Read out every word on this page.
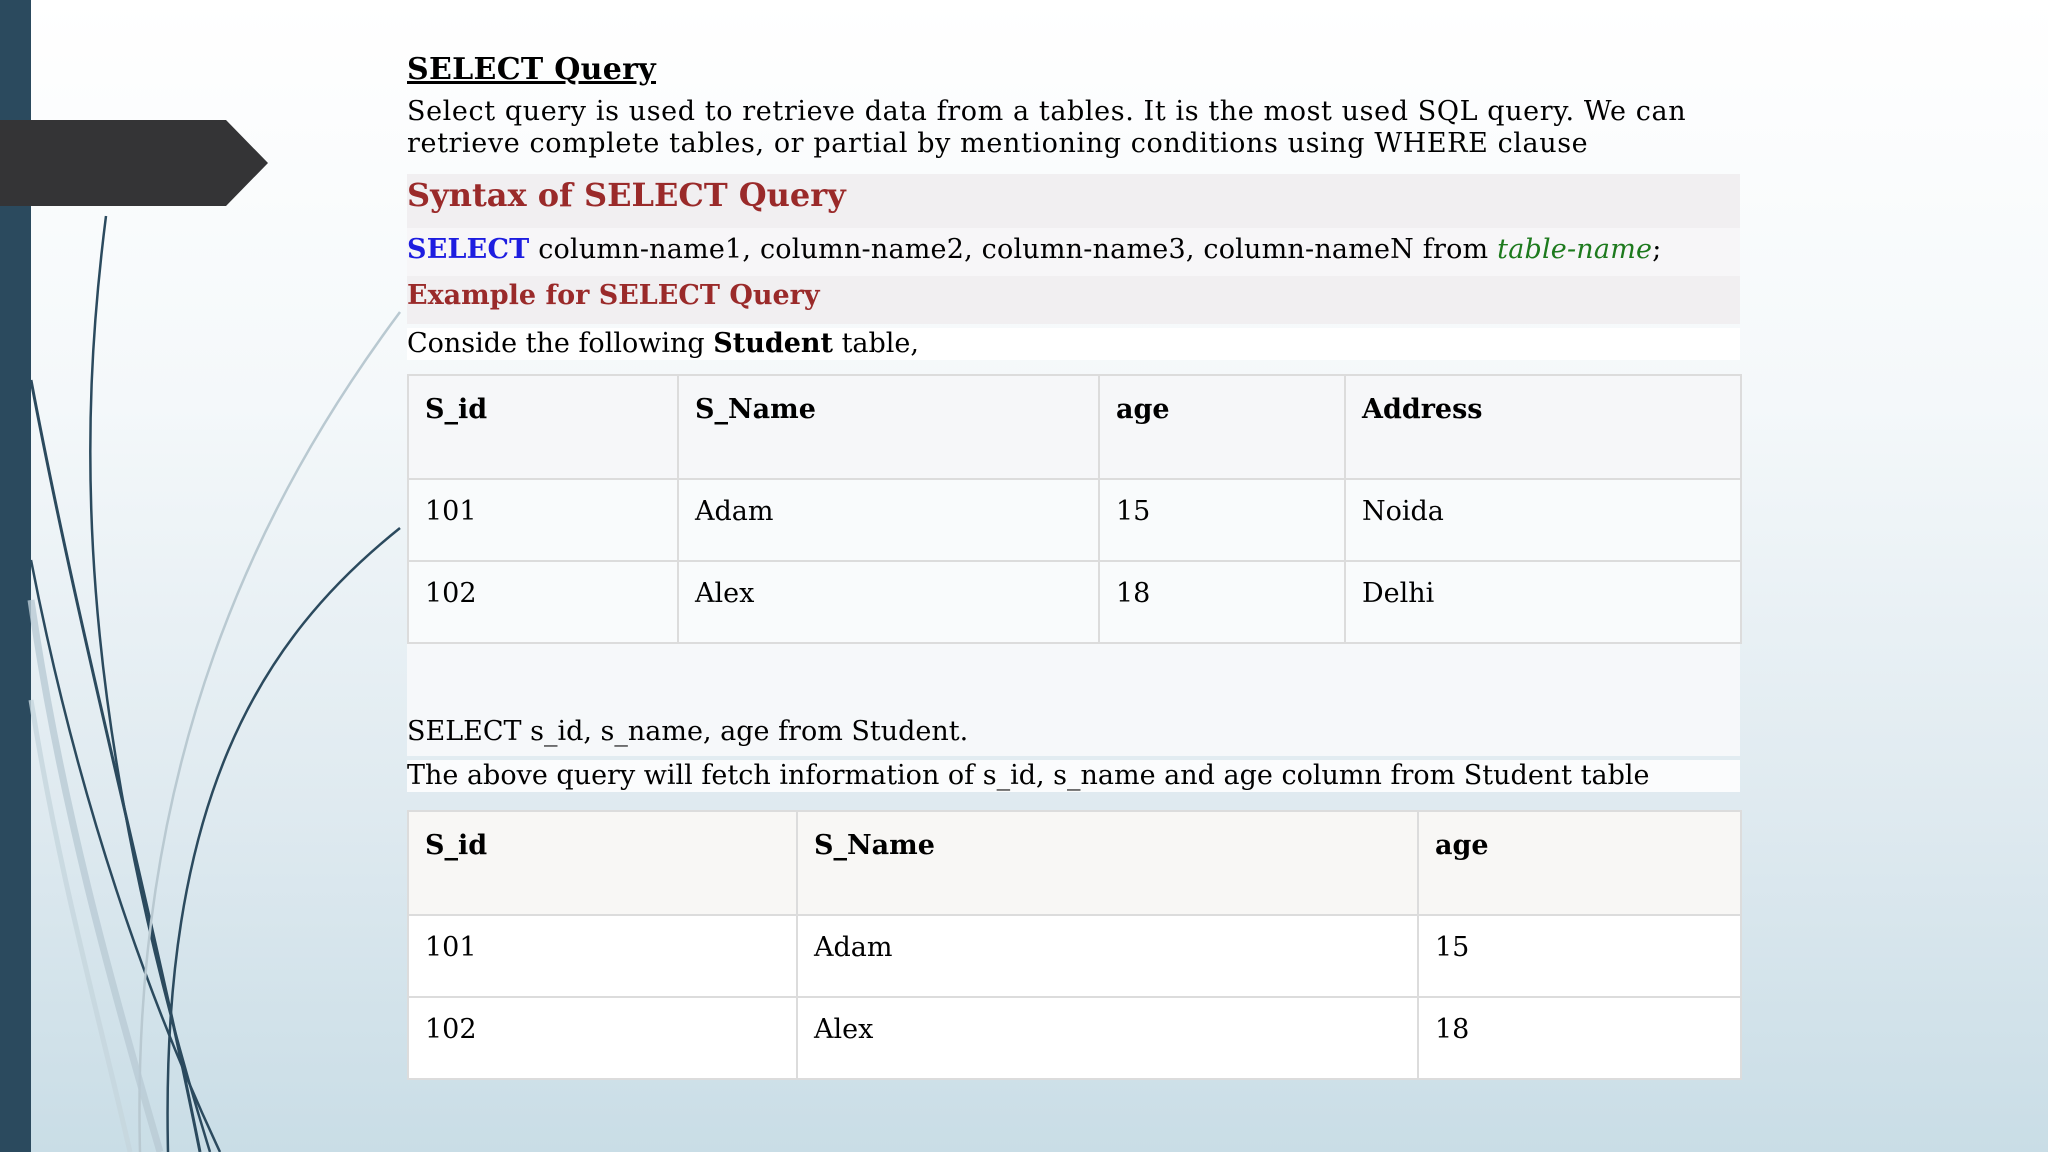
SELECT Query
Select query is used to retrieve data from a tables. It is the most used SQL query. We can retrieve complete tables, or partial by mentioning conditions using WHERE clause
Syntax of SELECT Query
SELECT column-name1, column-name2, column-name3, column-nameN from table-name;
Example for SELECT Query
Conside the following Student table,
S_id	S_Name	age	Address
101	Adam	15	Noida
102	Alex	18	Delhi
SELECT s_id, s_name, age from Student.
The above query will fetch information of s_id, s_name and age column from Student table
S_id	S_Name	age
101	Adam	15
102	Alex	18
